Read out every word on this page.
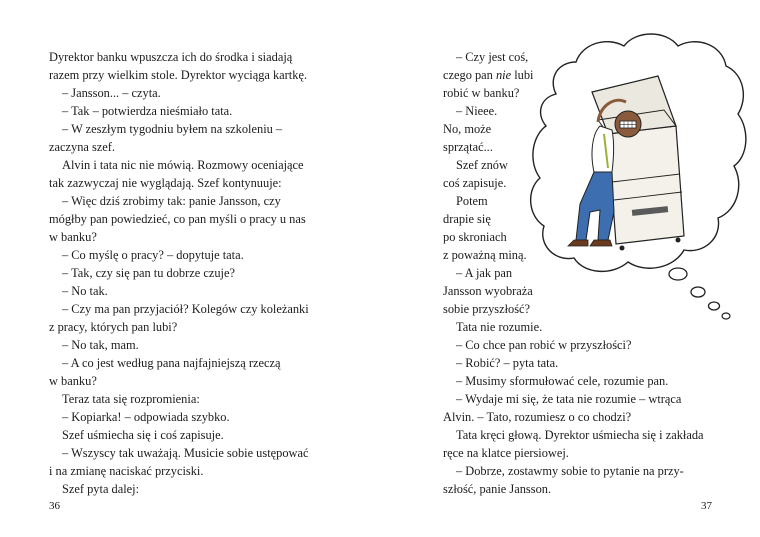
Dyrektor banku wpuszcza ich do środka i siadają
razem przy wielkim stole. Dyrektor wyciąga kartkę.
– Jansson... – czyta.
– Tak – potwierdza nieśmiało tata.
– W zeszłym tygodniu byłem na szkoleniu –
zaczyna szef.
Alvin i tata nic nie mówią. Rozmowy oceniające
tak zazwyczaj nie wyglądają. Szef kontynuuje:
– Więc dziś zrobimy tak: panie Jansson, czy
mógłby pan powiedzieć, co pan myśli o pracy u nas
w banku?
– Co myślę o pracy? – dopytuje tata.
– Tak, czy się pan tu dobrze czuje?
– No tak.
– Czy ma pan przyjaciół? Kolegów czy koleżanki
z pracy, których pan lubi?
– No tak, mam.
– A co jest według pana najfajniejszą rzeczą
w banku?
Teraz tata się rozpromienia:
– Kopiarka! – odpowiada szybko.
Szef uśmiecha się i coś zapisuje.
– Wszyscy tak uważają. Musicie sobie ustępować
i na zmianę naciskać przyciski.
Szef pyta dalej:
36
– Czy jest coś,
czego pan nie lubi
robić w banku?
– Nieee.
No, może
sprzątać...
Szef znów
coś zapisuje.
Potem
drapie się
po skroniach
z poważną miną.
– A jak pan
Jansson wyobraża
sobie przyszłość?
Tata nie rozumie.
– Co chce pan robić w przyszłości?
– Robić? – pyta tata.
– Musimy sformułować cele, rozumie pan.
– Wydaje mi się, że tata nie rozumie – wtrąca
Alvin. – Tato, rozumiesz o co chodzi?
Tata kręci głową. Dyrektor uśmiecha się i zakłada
ręce na klatce piersiowej.
– Dobrze, zostawmy sobie to pytanie na przy-
szłość, panie Jansson.
37
